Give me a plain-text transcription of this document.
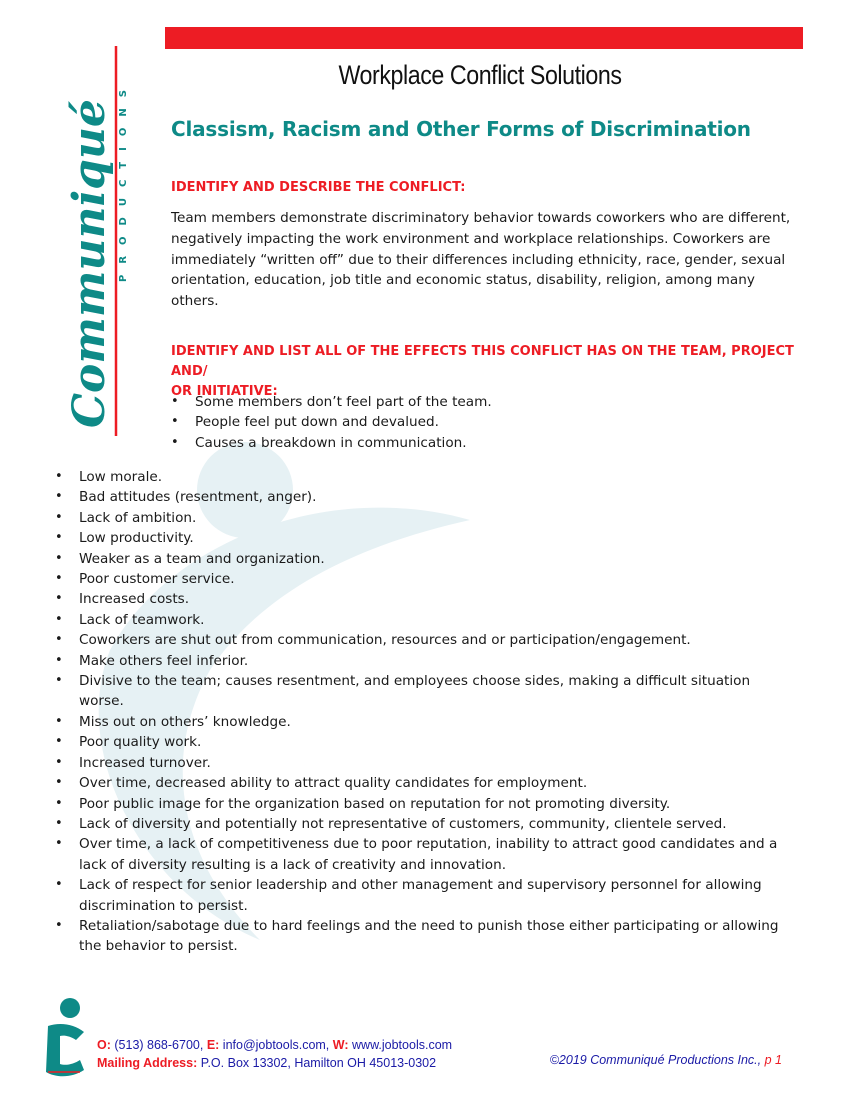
Communiqué PRODUCTIONS
Workplace Conflict Solutions
Classism, Racism and Other Forms of Discrimination
IDENTIFY AND DESCRIBE THE CONFLICT:
Team members demonstrate discriminatory behavior towards coworkers who are different, negatively impacting the work environment and workplace relationships. Coworkers are immediately “written off” due to their differences including ethnicity, race, gender, sexual orientation, education, job title and economic status, disability, religion, among many others.
IDENTIFY AND LIST ALL OF THE EFFECTS THIS CONFLICT HAS ON THE TEAM, PROJECT AND/
OR INITIATIVE:
• Some members don’t feel part of the team.
• People feel put down and devalued.
• Causes a breakdown in communication.
• Low morale.
• Bad attitudes (resentment, anger).
• Lack of ambition.
• Low productivity.
• Weaker as a team and organization.
• Poor customer service.
• Increased costs.
• Lack of teamwork.
• Coworkers are shut out from communication, resources and or participation/engagement.
• Make others feel inferior.
• Divisive to the team; causes resentment, and employees choose sides, making a difficult situation worse.
• Miss out on others’ knowledge.
• Poor quality work.
• Increased turnover.
• Over time, decreased ability to attract quality candidates for employment.
• Poor public image for the organization based on reputation for not promoting diversity.
• Lack of diversity and potentially not representative of customers, community, clientele served.
• Over time, a lack of competitiveness due to poor reputation, inability to attract good candidates and a lack of diversity resulting is a lack of creativity and innovation.
• Lack of respect for senior leadership and other management and supervisory personnel for allowing discrimination to persist.
• Retaliation/sabotage due to hard feelings and the need to punish those either participating or allowing the behavior to persist.
O: (513) 868-6700, E: info@jobtools.com, W: www.jobtools.com
Mailing Address: P.O. Box 13302, Hamilton OH 45013-0302	©2019 Communiqué Productions Inc., p 1
